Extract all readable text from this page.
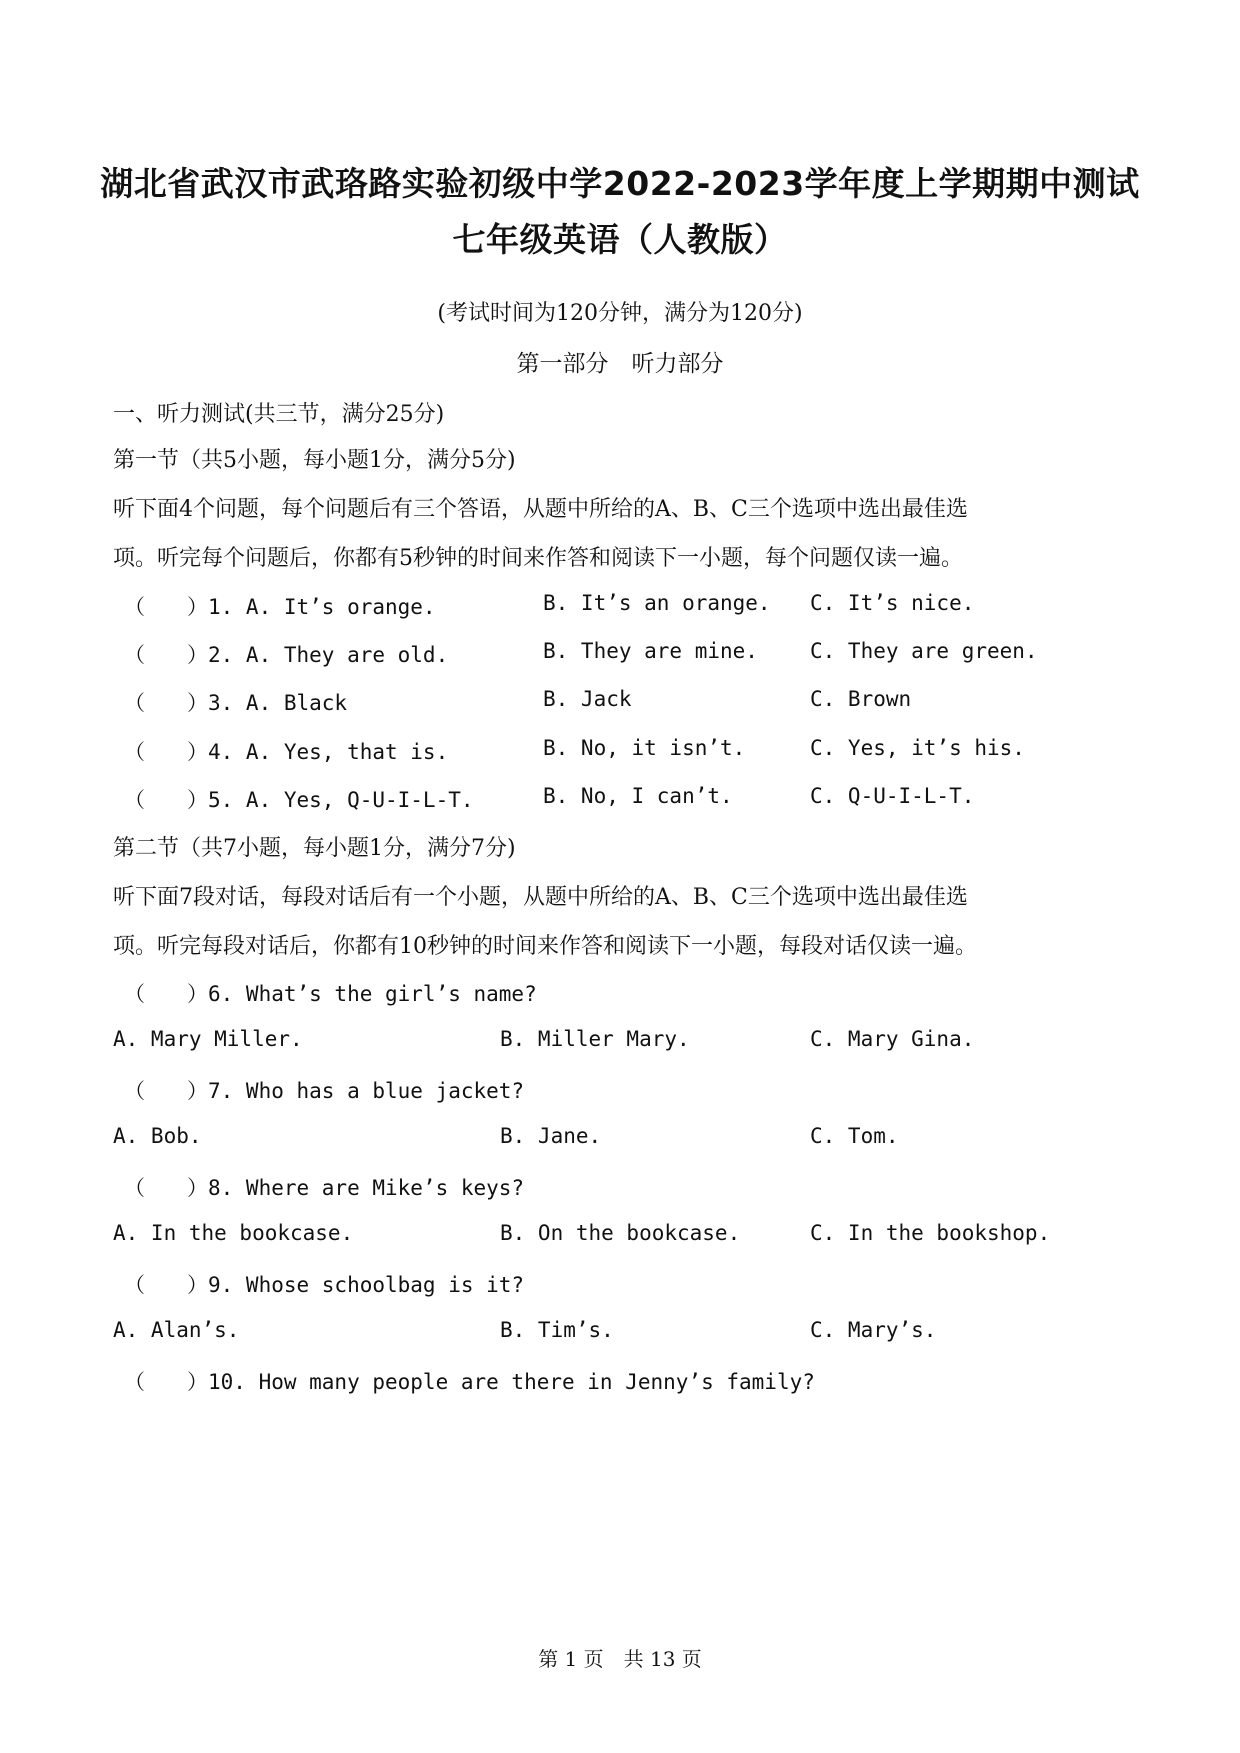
湖北省武汉市武珞路实验初级中学2022-2023学年度上学期期中测试
七年级英语（人教版）
(考试时间为120分钟，满分为120分)
第一部分　听力部分
一、听力测试(共三节，满分25分)
第一节（共5小题，每小题1分，满分5分)
听下面4个问题，每个问题后有三个答语，从题中所给的A、B、C三个选项中选出最佳选
项。听完每个问题后，你都有5秒钟的时间来作答和阅读下一小题，每个问题仅读一遍。
（　　）1. A. It’s orange.	B. It’s an orange. C. It’s nice.
（　　）2. A. They are old.	B. They are mine. C. They are green.
（　　）3. A. Black	B. Jack	C. Brown
（　　）4. A. Yes, that is.	B. No, it isn’t.	C. Yes, it’s his.
（　　）5. A. Yes, Q-U-I-L-T.	B. No, I can’t.	C. Q-U-I-L-T.
第二节（共7小题，每小题1分，满分7分)
听下面7段对话，每段对话后有一个小题，从题中所给的A、B、C三个选项中选出最佳选
项。听完每段对话后，你都有10秒钟的时间来作答和阅读下一小题，每段对话仅读一遍。
（　　）6. What’s the girl’s name?
A. Mary Miller.	B. Miller Mary.	C. Mary Gina.
（　　）7. Who has a blue jacket?
A. Bob.	B. Jane.	C. Tom.
（　　）8. Where are Mike’s keys?
A. In the bookcase.	B. On the bookcase.	C. In the bookshop.
（　　）9. Whose schoolbag is it?
A. Alan’s.	B. Tim’s.	C. Mary’s.
（　　）10. How many people are there in Jenny’s family?
第 1 页　共 13 页
